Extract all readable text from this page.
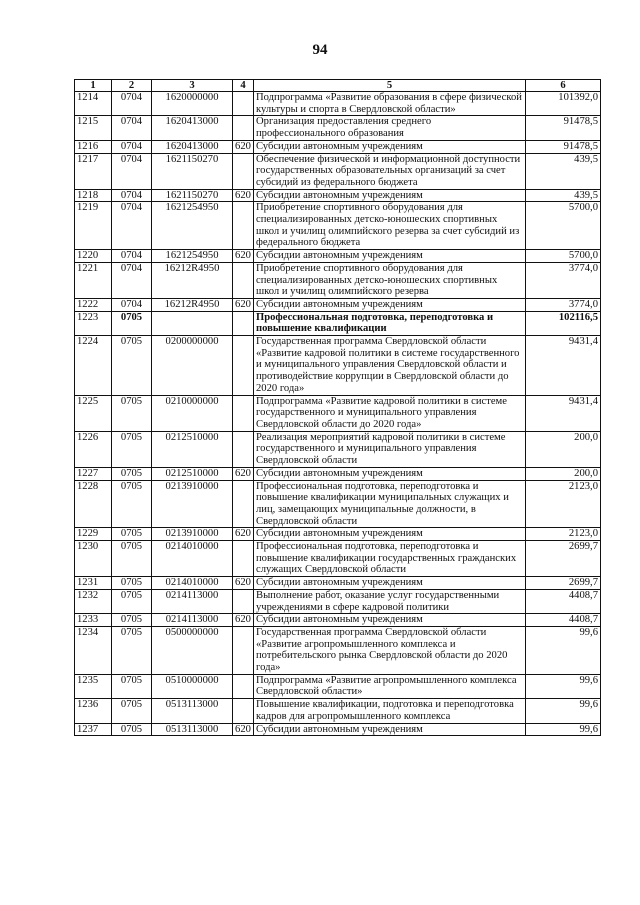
94
1	2	3	4	5	6
1214	0704	1620000000		Подпрограмма «Развитие образования в сфере физической культуры и спорта в Свердловской области»	101392,0
1215	0704	1620413000		Организация предоставления среднего профессионального образования	91478,5
1216	0704	1620413000	620	Субсидии автономным учреждениям	91478,5
1217	0704	1621150270		Обеспечение физической и информационной доступности государственных образовательных организаций за счет субсидий из федерального бюджета	439,5
1218	0704	1621150270	620	Субсидии автономным учреждениям	439,5
1219	0704	1621254950		Приобретение спортивного оборудования для специализированных детско-юношеских спортивных школ и училищ олимпийского резерва за счет субсидий из федерального бюджета	5700,0
1220	0704	1621254950	620	Субсидии автономным учреждениям	5700,0
1221	0704	16212R4950		Приобретение спортивного оборудования для специализированных детско-юношеских спортивных школ и училищ олимпийского резерва	3774,0
1222	0704	16212R4950	620	Субсидии автономным учреждениям	3774,0
1223	0705			Профессиональная подготовка, переподготовка и повышение квалификации	102116,5
1224	0705	0200000000		Государственная программа Свердловской области «Развитие кадровой политики в системе государственного и муниципального управления Свердловской области и противодействие коррупции в Свердловской области до 2020 года»	9431,4
1225	0705	0210000000		Подпрограмма «Развитие кадровой политики в системе государственного и муниципального управления Свердловской области до 2020 года»	9431,4
1226	0705	0212510000		Реализация мероприятий кадровой политики в системе государственного и муниципального управления Свердловской области	200,0
1227	0705	0212510000	620	Субсидии автономным учреждениям	200,0
1228	0705	0213910000		Профессиональная подготовка, переподготовка и повышение квалификации муниципальных служащих и лиц, замещающих муниципальные должности, в Свердловской области	2123,0
1229	0705	0213910000	620	Субсидии автономным учреждениям	2123,0
1230	0705	0214010000		Профессиональная подготовка, переподготовка и повышение квалификации государственных гражданских служащих Свердловской области	2699,7
1231	0705	0214010000	620	Субсидии автономным учреждениям	2699,7
1232	0705	0214113000		Выполнение работ, оказание услуг государственными учреждениями в сфере кадровой политики	4408,7
1233	0705	0214113000	620	Субсидии автономным учреждениям	4408,7
1234	0705	0500000000		Государственная программа Свердловской области «Развитие агропромышленного комплекса и потребительского рынка Свердловской области до 2020 года»	99,6
1235	0705	0510000000		Подпрограмма «Развитие агропромышленного комплекса Свердловской области»	99,6
1236	0705	0513113000		Повышение квалификации, подготовка и переподготовка кадров для агропромышленного комплекса	99,6
1237	0705	0513113000	620	Субсидии автономным учреждениям	99,6
